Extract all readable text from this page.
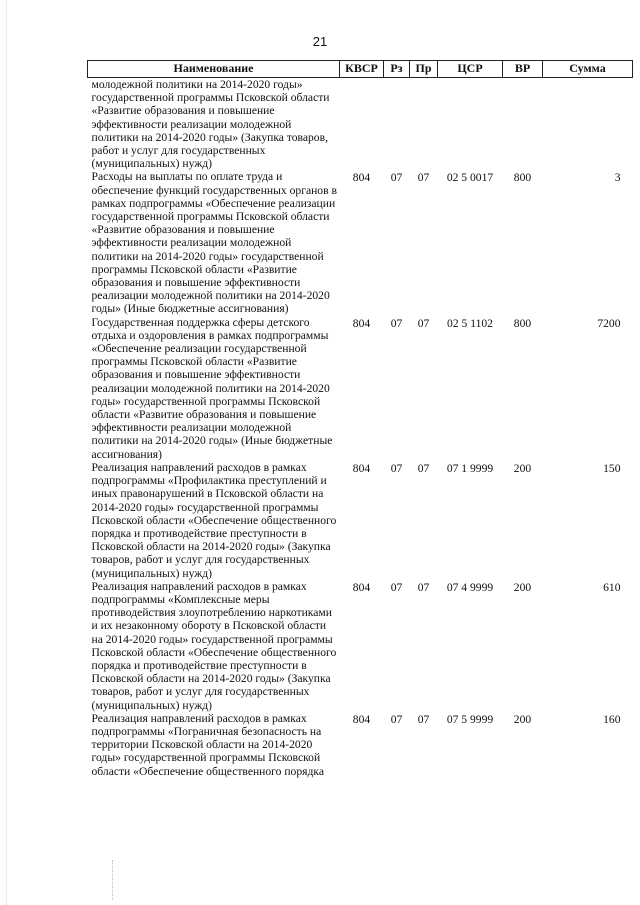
21
Наименование	КВСР	Рз	Пр	ЦСР	ВР	Сумма
молодежной политики на 2014-2020 годы» государственной программы Псковской области «Развитие образования и повышение эффективности реализации молодежной политики на 2014-2020 годы» (Закупка товаров, работ и услуг для государственных (муниципальных) нужд)						
Расходы на выплаты по оплате труда и обеспечение функций государственных органов в рамках подпрограммы «Обеспечение реализации государственной программы Псковской области «Развитие образования и повышение эффективности реализации молодежной политики на 2014-2020 годы» государственной программы Псковской области «Развитие образования и повышение эффективности реализации молодежной политики на 2014-2020 годы» (Иные бюджетные ассигнования)	804	07	07	02 5 0017	800	3
Государственная поддержка сферы детского отдыха и оздоровления в рамках подпрограммы «Обеспечение реализации государственной программы Псковской области «Развитие образования и повышение эффективности реализации молодежной политики на 2014-2020 годы» государственной программы Псковской области «Развитие образования и повышение эффективности реализации молодежной политики на 2014-2020 годы» (Иные бюджетные ассигнования)	804	07	07	02 5 1102	800	7200
Реализация направлений расходов в рамках подпрограммы «Профилактика преступлений и иных правонарушений в Псковской области на 2014-2020 годы» государственной программы Псковской области «Обеспечение общественного порядка и противодействие преступности в Псковской области на 2014-2020 годы» (Закупка товаров, работ и услуг для государственных (муниципальных) нужд)	804	07	07	07 1 9999	200	150
Реализация направлений расходов в рамках подпрограммы «Комплексные меры противодействия злоупотреблению наркотиками и их незаконному обороту в Псковской области на 2014-2020 годы» государственной программы Псковской области «Обеспечение общественного порядка и противодействие преступности в Псковской области на 2014-2020 годы» (Закупка товаров, работ и услуг для государственных (муниципальных) нужд)	804	07	07	07 4 9999	200	610
Реализация направлений расходов в рамках подпрограммы «Пограничная безопасность на территории Псковской области на 2014-2020 годы» государственной программы Псковской области «Обеспечение общественного порядка	804	07	07	07 5 9999	200	160
